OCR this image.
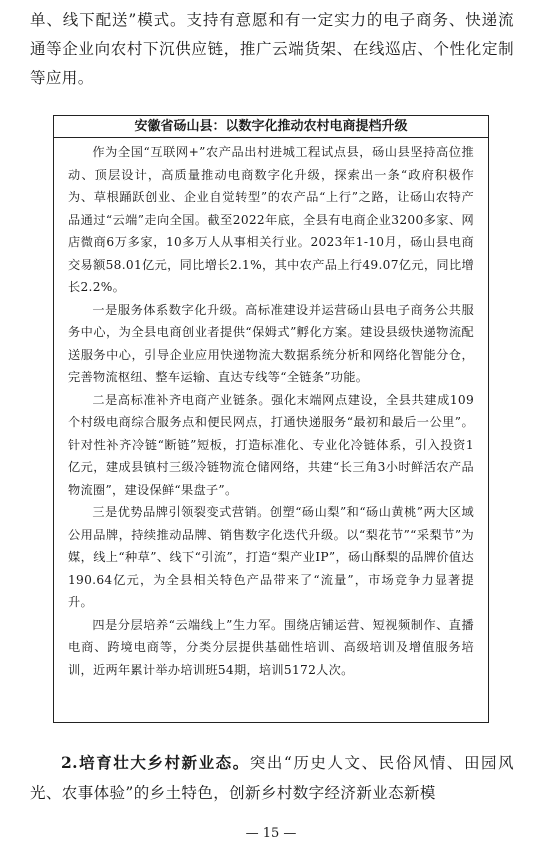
单、线下配送”模式。支持有意愿和有一定实力的电子商务、快递流通等企业向农村下沉供应链，推广云端货架、在线巡店、个性化定制等应用。

安徽省砀山县：以数字化推动农村电商提档升级

作为全国“互联网+”农产品出村进城工程试点县，砀山县坚持高位推动、顶层设计，高质量推动电商数字化升级，探索出一条“政府积极作为、草根踊跃创业、企业自觉转型”的农产品“上行”之路，让砀山农特产品通过“云端”走向全国。截至2022年底，全县有电商企业3200多家、网店微商6万多家，10多万人从事相关行业。2023年1-10月，砀山县电商交易额58.01亿元，同比增长2.1%，其中农产品上行49.07亿元，同比增长2.2%。

一是服务体系数字化升级。高标准建设并运营砀山县电子商务公共服务中心，为全县电商创业者提供“保姆式”孵化方案。建设县级快递物流配送服务中心，引导企业应用快递物流大数据系统分析和网络化智能分仓，完善物流枢纽、整车运输、直达专线等“全链条”功能。

二是高标准补齐电商产业链条。强化末端网点建设，全县共建成109个村级电商综合服务点和便民网点，打通快递服务“最初和最后一公里”。针对性补齐冷链“断链”短板，打造标准化、专业化冷链体系，引入投资1亿元，建成县镇村三级冷链物流仓储网络，共建“长三角3小时鲜活农产品物流圈”，建设保鲜“果盘子”。

三是优势品牌引领裂变式营销。创塑“砀山梨”和“砀山黄桃”两大区域公用品牌，持续推动品牌、销售数字化迭代升级。以“梨花节”“采梨节”为媒，线上“种草”、线下“引流”，打造“梨产业IP”，砀山酥梨的品牌价值达190.64亿元，为全县相关特色产品带来了“流量”，市场竞争力显著提升。

四是分层培养“云端线上”生力军。围绕店铺运营、短视频制作、直播电商、跨境电商等，分类分层提供基础性培训、高级培训及增值服务培训，近两年累计举办培训班54期，培训5172人次。

2.培育壮大乡村新业态。突出“历史人文、民俗风情、田园风光、农事体验”的乡土特色，创新乡村数字经济新业态新模

— 15 —
